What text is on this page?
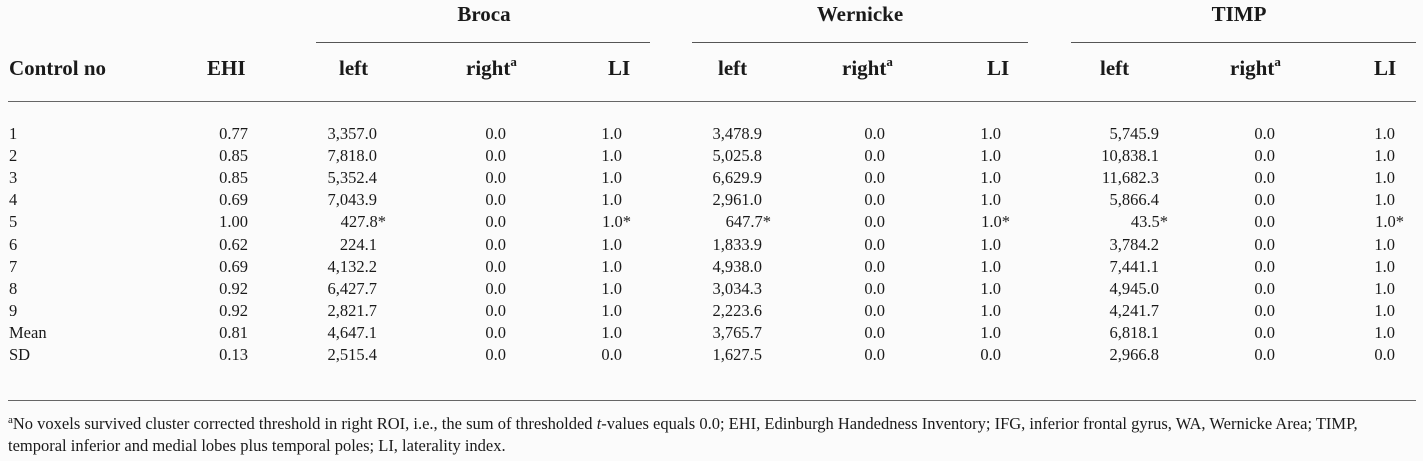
Broca	Wernicke	TIMP
Control no	EHI	left	right$^a$	LI	left	right$^a$	LI	left	right$^a$	LI
1	0.77	3,357.0	0.0	1.0	3,478.9	0.0	1.0	5,745.9	0.0	1.0
2	0.85	7,818.0	0.0	1.0	5,025.8	0.0	1.0	10,838.1	0.0	1.0
3	0.85	5,352.4	0.0	1.0	6,629.9	0.0	1.0	11,682.3	0.0	1.0
4	0.69	7,043.9	0.0	1.0	2,961.0	0.0	1.0	5,866.4	0.0	1.0
5	1.00	427.8*	0.0	1.0*	647.7*	0.0	1.0*	43.5*	0.0	1.0*
6	0.62	224.1	0.0	1.0	1,833.9	0.0	1.0	3,784.2	0.0	1.0
7	0.69	4,132.2	0.0	1.0	4,938.0	0.0	1.0	7,441.1	0.0	1.0
8	0.92	6,427.7	0.0	1.0	3,034.3	0.0	1.0	4,945.0	0.0	1.0
9	0.92	2,821.7	0.0	1.0	2,223.6	0.0	1.0	4,241.7	0.0	1.0
Mean	0.81	4,647.1	0.0	1.0	3,765.7	0.0	1.0	6,818.1	0.0	1.0
SD	0.13	2,515.4	0.0	0.0	1,627.5	0.0	0.0	2,966.8	0.0	0.0
$^a$No voxels survived cluster corrected threshold in right ROI, i.e., the sum of thresholded t-values equals 0.0; EHI, Edinburgh Handedness Inventory; IFG, inferior frontal gyrus, WA, Wernicke Area; TIMP, temporal inferior and medial lobes plus temporal poles; LI, laterality index.
